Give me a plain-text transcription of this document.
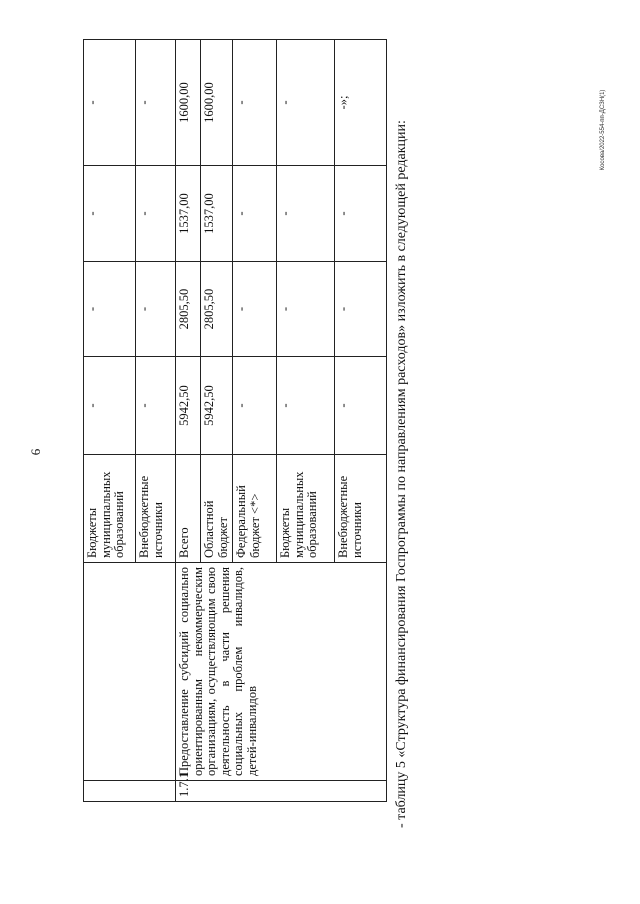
6
Косова/2022-554-пп-ДСЗН(1)
		Бюджеты муниципальных образований	-	-	-	-
		Внебюджетные источники	-	-	-	-
1.7.1	Предоставление субсидий социально ориентированным некоммерческим организациям, осуществляющим свою деятельность в части решения социальных проблем инвалидов, детей-инвалидов	Всего	5942,50	2805,50	1537,00	1600,00
		Областной бюджет	5942,50	2805,50	1537,00	1600,00
		Федеральный бюджет <*>	-	-	-	-
		Бюджеты муниципальных образований	-	-	-	-
		Внебюджетные источники	-	-	-	-»;

- таблицу 5 «Структура финансирования Госпрограммы по направлениям расходов» изложить в следующей редакции:
